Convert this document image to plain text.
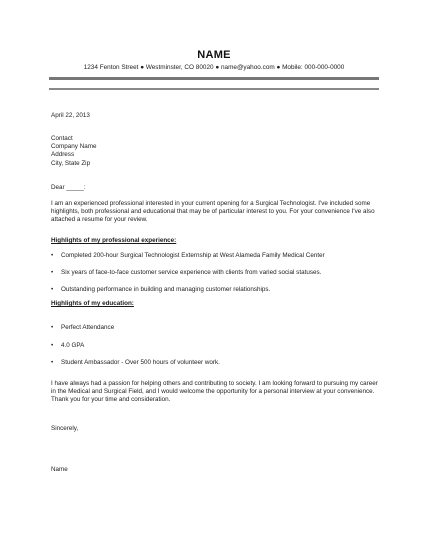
NAME
1234 Fenton Street ● Westminster, CO 80020 ● name@yahoo.com ● Mobile: 000-000-0000
April 22, 2013
Contact
Company Name
Address
City, State Zip
Dear _____:
I am an experienced professional interested in your current opening for a Surgical Technologist. I've included some highlights, both professional and educational that may be of particular interest to you. For your convenience I've also attached a resume for your review.
Highlights of my professional experience:
• Completed 200-hour Surgical Technologist Externship at West Alameda Family Medical Center
• Six years of face-to-face customer service experience with clients from varied social statuses.
• Outstanding performance in building and managing customer relationships.
Highlights of my education:
• Perfect Attendance
• 4.0 GPA
• Student Ambassador - Over 500 hours of volunteer work.
I have always had a passion for helping others and contributing to society. I am looking forward to pursuing my career in the Medical and Surgical Field, and I would welcome the opportunity for a personal interview at your convenience. Thank you for your time and consideration.
Sincerely,
Name
